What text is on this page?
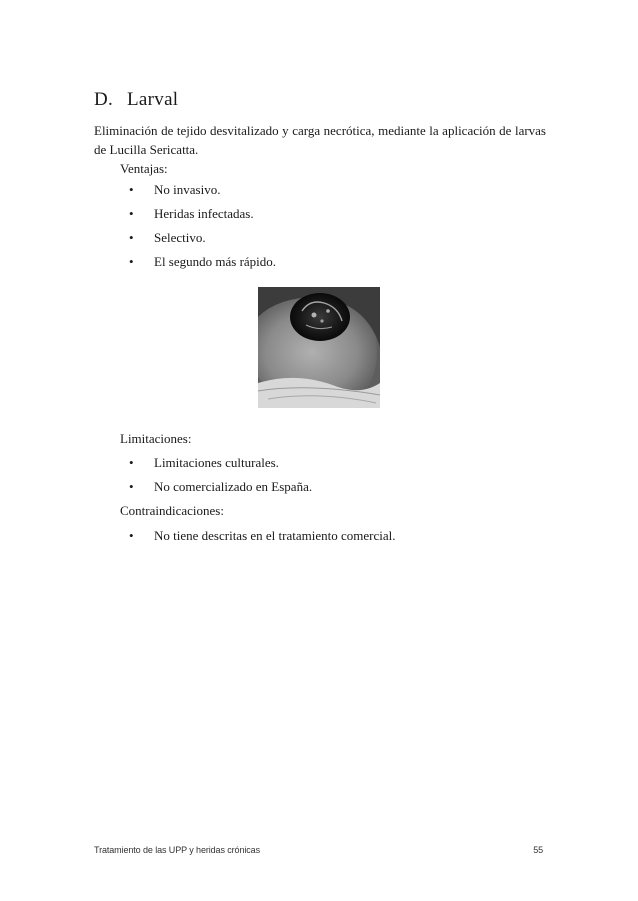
D. Larval

Eliminación de tejido desvitalizado y carga necrótica, mediante la aplicación de larvas de Lucilla Sericatta.

Ventajas:
•	No invasivo.
•	Heridas infectadas.
•	Selectivo.
•	El segundo más rápido.
Limitaciones:
•	Limitaciones culturales.
•	No comercializado en España.
Contraindicaciones:
•	No tiene descritas en el tratamiento comercial.
Tratamiento de las UPP y heridas crónicas	55
